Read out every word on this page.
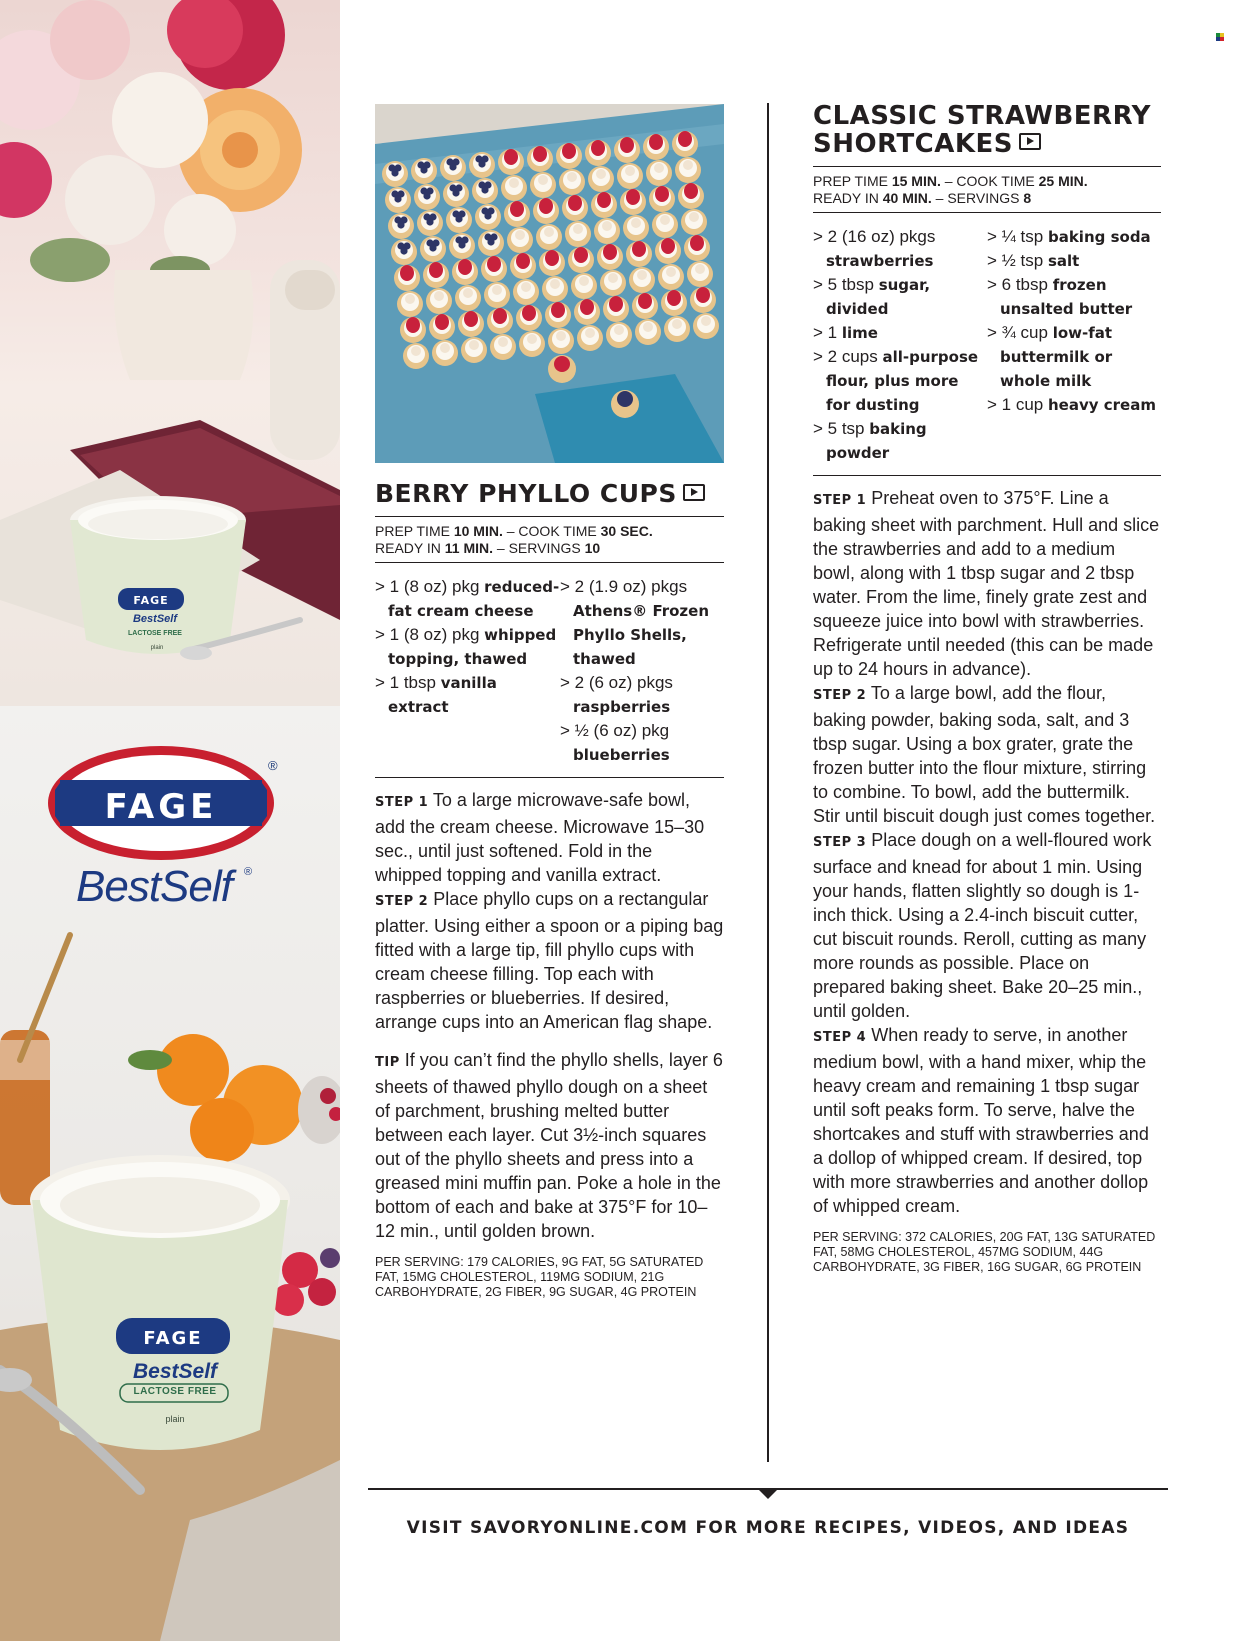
FAGE
®
BestSelf ®
FAGE
BestSelf
LACTOSE FREE
plain
FAGE
BestSelf
LACTOSE FREE
plain
BERRY PHYLLO CUPS
PREP TIME 10 MIN. – COOK TIME 30 SEC.
READY IN 11 MIN. – SERVINGS 10
> 1 (8 oz) pkg reduced-fat cream cheese
> 1 (8 oz) pkg whipped topping, thawed
> 1 tbsp vanilla extract
> 2 (1.9 oz) pkgs Athens® Frozen Phyllo Shells, thawed
> 2 (6 oz) pkgs raspberries
> ½ (6 oz) pkg blueberries

STEP 1 To a large microwave-safe bowl, add the cream cheese. Microwave 15–30 sec., until just softened. Fold in the whipped topping and vanilla extract.

STEP 2 Place phyllo cups on a rectangular platter. Using either a spoon or a piping bag fitted with a large tip, fill phyllo cups with cream cheese filling. Top each with raspberries or blueberries. If desired, arrange cups into an American flag shape.

TIP If you can’t find the phyllo shells, layer 6 sheets of thawed phyllo dough on a sheet of parchment, brushing melted butter between each layer. Cut 3½-inch squares out of the phyllo sheets and press into a greased mini muffin pan. Poke a hole in the bottom of each and bake at 375°F for 10–12 min., until golden brown.

PER SERVING: 179 CALORIES, 9G FAT, 5G SATURATED FAT, 15MG CHOLESTEROL, 119MG SODIUM, 21G CARBOHYDRATE, 2G FIBER, 9G SUGAR, 4G PROTEIN
CLASSIC STRAWBERRY
SHORTCAKES
PREP TIME 15 MIN. – COOK TIME 25 MIN.
READY IN 40 MIN. – SERVINGS 8
> 2 (16 oz) pkgs strawberries
> 5 tbsp sugar, divided
> 1 lime
> 2 cups all-purpose flour, plus more for dusting
> 5 tsp baking powder
> ¼ tsp baking soda
> ½ tsp salt
> 6 tbsp frozen unsalted butter
> ¾ cup low-fat buttermilk or whole milk
> 1 cup heavy cream

STEP 1 Preheat oven to 375°F. Line a baking sheet with parchment. Hull and slice the strawberries and add to a medium bowl, along with 1 tbsp sugar and 2 tbsp water. From the lime, finely grate zest and squeeze juice into bowl with strawberries. Refrigerate until needed (this can be made up to 24 hours in advance).

STEP 2 To a large bowl, add the flour, baking powder, baking soda, salt, and 3 tbsp sugar. Using a box grater, grate the frozen butter into the flour mixture, stirring to combine. To bowl, add the buttermilk. Stir until biscuit dough just comes together.

STEP 3 Place dough on a well-floured work surface and knead for about 1 min. Using your hands, flatten slightly so dough is 1-inch thick. Using a 2.4-inch biscuit cutter, cut biscuit rounds. Reroll, cutting as many more rounds as possible. Place on prepared baking sheet. Bake 20–25 min., until golden.

STEP 4 When ready to serve, in another medium bowl, with a hand mixer, whip the heavy cream and remaining 1 tbsp sugar until soft peaks form. To serve, halve the shortcakes and stuff with strawberries and a dollop of whipped cream. If desired, top with more strawberries and another dollop of whipped cream.

PER SERVING: 372 CALORIES, 20G FAT, 13G SATURATED FAT, 58MG CHOLESTEROL, 457MG SODIUM, 44G CARBOHYDRATE, 3G FIBER, 16G SUGAR, 6G PROTEIN
VISIT SAVORYONLINE.COM FOR MORE RECIPES, VIDEOS, AND IDEAS
